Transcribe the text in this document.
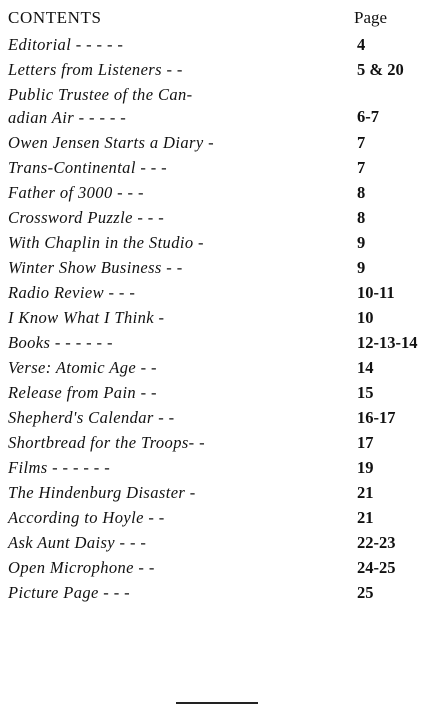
CONTENTS	Page
Editorial - - - - -	4
Letters from Listeners - -	5 & 20
Public Trustee of the Can-
adian Air - - - - -	6-7
Owen Jensen Starts a Diary -	7
Trans-Continental - - -	7
Father of 3000 - - -	8
Crossword Puzzle - - -	8
With Chaplin in the Studio -	9
Winter Show Business - -	9
Radio Review - - -	10-11
I Know What I Think -	10
Books - - - - - -	12-13-14
Verse: Atomic Age - -	14
Release from Pain - -	15
Shepherd's Calendar - -	16-17
Shortbread for the Troops- -	17
Films - - - - - -	19
The Hindenburg Disaster -	21
According to Hoyle - -	21
Ask Aunt Daisy - - -	22-23
Open Microphone - -	24-25
Picture Page - - -	25
